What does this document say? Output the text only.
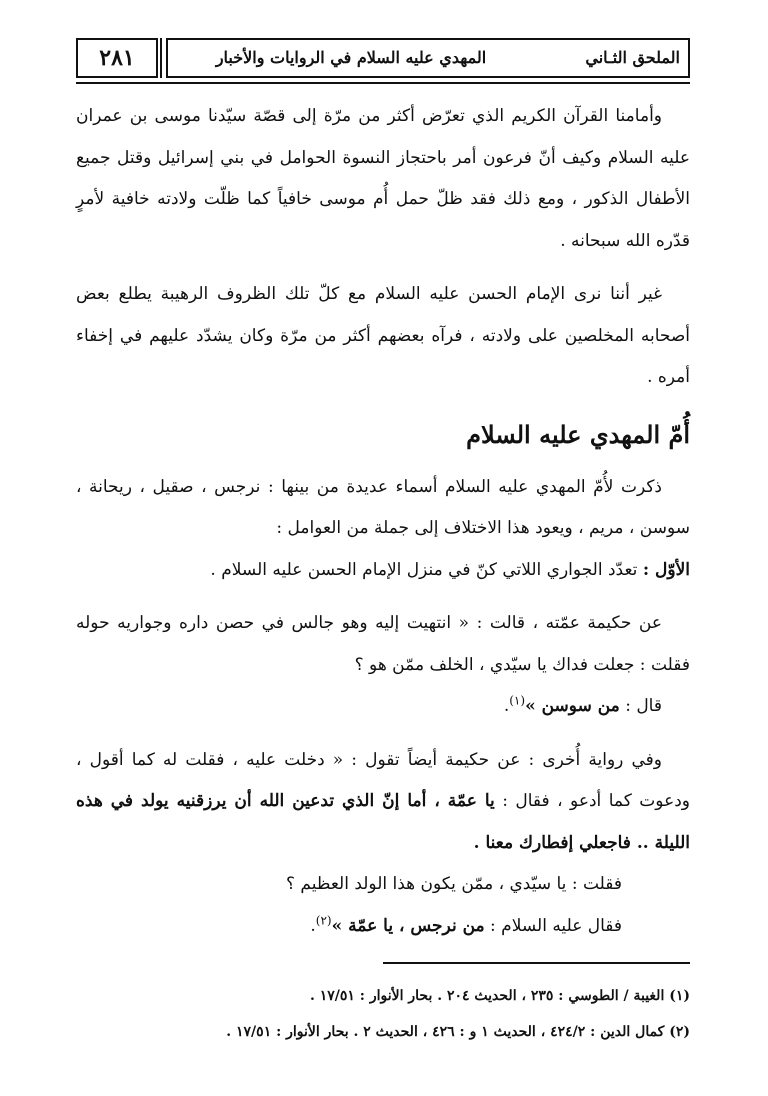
٢٨١	المهدي عليه السلام في الروايات والأخبار	الملحق الثـاني

وأمامنا القرآن الكريم الذي تعرّض أكثر من مرّة إلى قصّة سيّدنا موسى بن عمران عليه السلام وكيف أنّ فرعون أمر باحتجاز النسوة الحوامل في بني إسرائيل وقتل جميع الأطفال الذكور ، ومع ذلك فقد ظلّ حمل أُم موسى خافياً كما ظلّت ولادته خافية لأمرٍ قدّره الله سبحانه .

غير أننا نرى الإمام الحسن عليه السلام مع كلّ تلك الظروف الرهيبة يطلع بعض أصحابه المخلصين على ولادته ، فرآه بعضهم أكثر من مرّة وكان يشدّد عليهم في إخفاء أمره .

أُمّ المهدي عليه السلام

ذكرت لأُمّ المهدي عليه السلام أسماء عديدة من بينها : نرجس ، صقيل ، ريحانة ، سوسن ، مريم ، ويعود هذا الاختلاف إلى جملة من العوامل :

الأوّل : تعدّد الجواري اللاتي كنّ في منزل الإمام الحسن عليه السلام .

عن حكيمة عمّته ، قالت : « انتهيت إليه وهو جالس في حصن داره وجواريه حوله فقلت : جعلت فداك يا سيّدي ، الخلف ممّن هو ؟

قال : من سوسن »$^{(١)}$.

وفي رواية أُخرى : عن حكيمة أيضاً تقول : « دخلت عليه ، فقلت له كما أقول ، ودعوت كما أدعو ، فقال : يا عمّة ، أما إنّ الذي تدعين الله أن يرزقنيه يولد في هذه الليلة .. فاجعلي إفطارك معنا .

فقلت : يا سيّدي ، ممّن يكون هذا الولد العظيم ؟

فقال عليه السلام : من نرجس ، يا عمّة »$^{(٢)}$.

(١) الغيبة / الطوسي : ٢٣٥ ، الحديث ٢٠٤ . بحار الأنوار : ١٧/٥١ .

(٢) كمال الدين : ٤٢٤/٢ ، الحديث ١ و : ٤٢٦ ، الحديث ٢ . بحار الأنوار : ١٧/٥١ .
